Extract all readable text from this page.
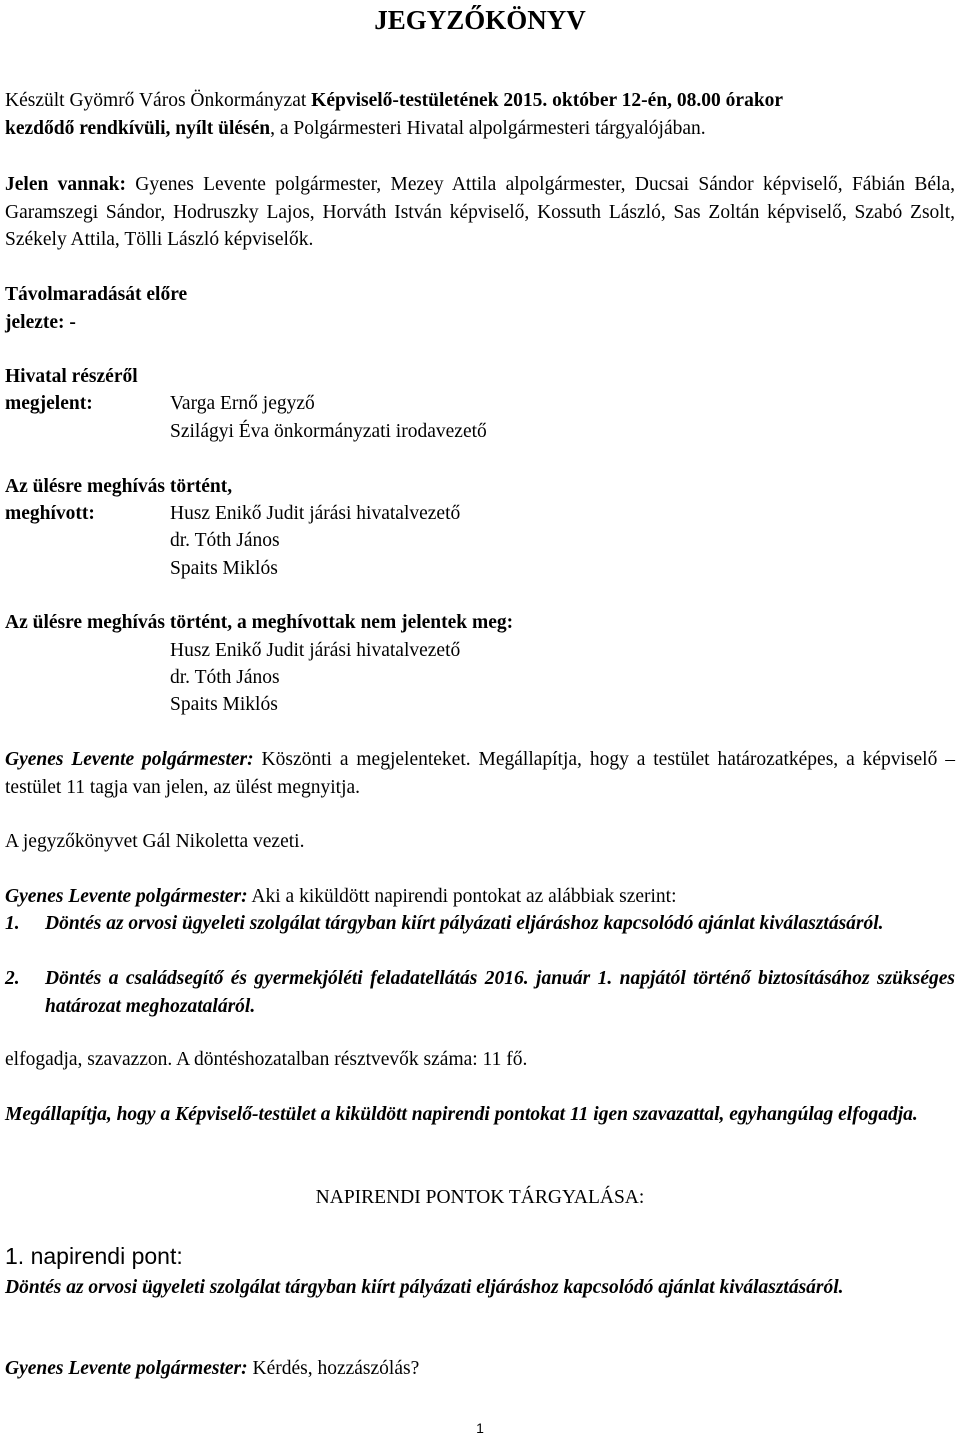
JEGYZŐKÖNYV
Készült Gyömrő Város Önkormányzat Képviselő-testületének 2015. október 12-én, 08.00 órakor
kezdődő rendkívüli, nyílt ülésén, a Polgármesteri Hivatal alpolgármesteri tárgyalójában.
Jelen vannak: Gyenes Levente polgármester, Mezey Attila alpolgármester, Ducsai Sándor képviselő, Fábián Béla, Garamszegi Sándor, Hodruszky Lajos, Horváth István képviselő, Kossuth László, Sas Zoltán képviselő, Szabó Zsolt, Székely Attila, Tölli László képviselők.
Távolmaradását előre
jelezte: -
Hivatal részéről
megjelent:	Varga Ernő jegyző
Szilágyi Éva önkormányzati irodavezető
Az ülésre meghívás történt,
meghívott:	Husz Enikő Judit járási hivatalvezető
dr. Tóth János
Spaits Miklós
Az ülésre meghívás történt, a meghívottak nem jelentek meg:
Husz Enikő Judit járási hivatalvezető
dr. Tóth János
Spaits Miklós
Gyenes Levente polgármester: Köszönti a megjelenteket. Megállapítja, hogy a testület határozatképes, a képviselő – testület 11 tagja van jelen, az ülést megnyitja.
A jegyzőkönyvet Gál Nikoletta vezeti.
Gyenes Levente polgármester: Aki a kiküldött napirendi pontokat az alábbiak szerint:
1. Döntés az orvosi ügyeleti szolgálat tárgyban kiírt pályázati eljáráshoz kapcsolódó ajánlat kiválasztásáról.
2. Döntés a családsegítő és gyermekjóléti feladatellátás 2016. január 1. napjától történő biztosításához szükséges határozat meghozataláról.
elfogadja, szavazzon. A döntéshozatalban résztvevők száma: 11 fő.
Megállapítja, hogy a Képviselő-testület a kiküldött napirendi pontokat 11 igen szavazattal, egyhangúlag elfogadja.
NAPIRENDI PONTOK TÁRGYALÁSA:
1. napirendi pont:
Döntés az orvosi ügyeleti szolgálat tárgyban kiírt pályázati eljáráshoz kapcsolódó ajánlat kiválasztásáról.
Gyenes Levente polgármester: Kérdés, hozzászólás?
1
